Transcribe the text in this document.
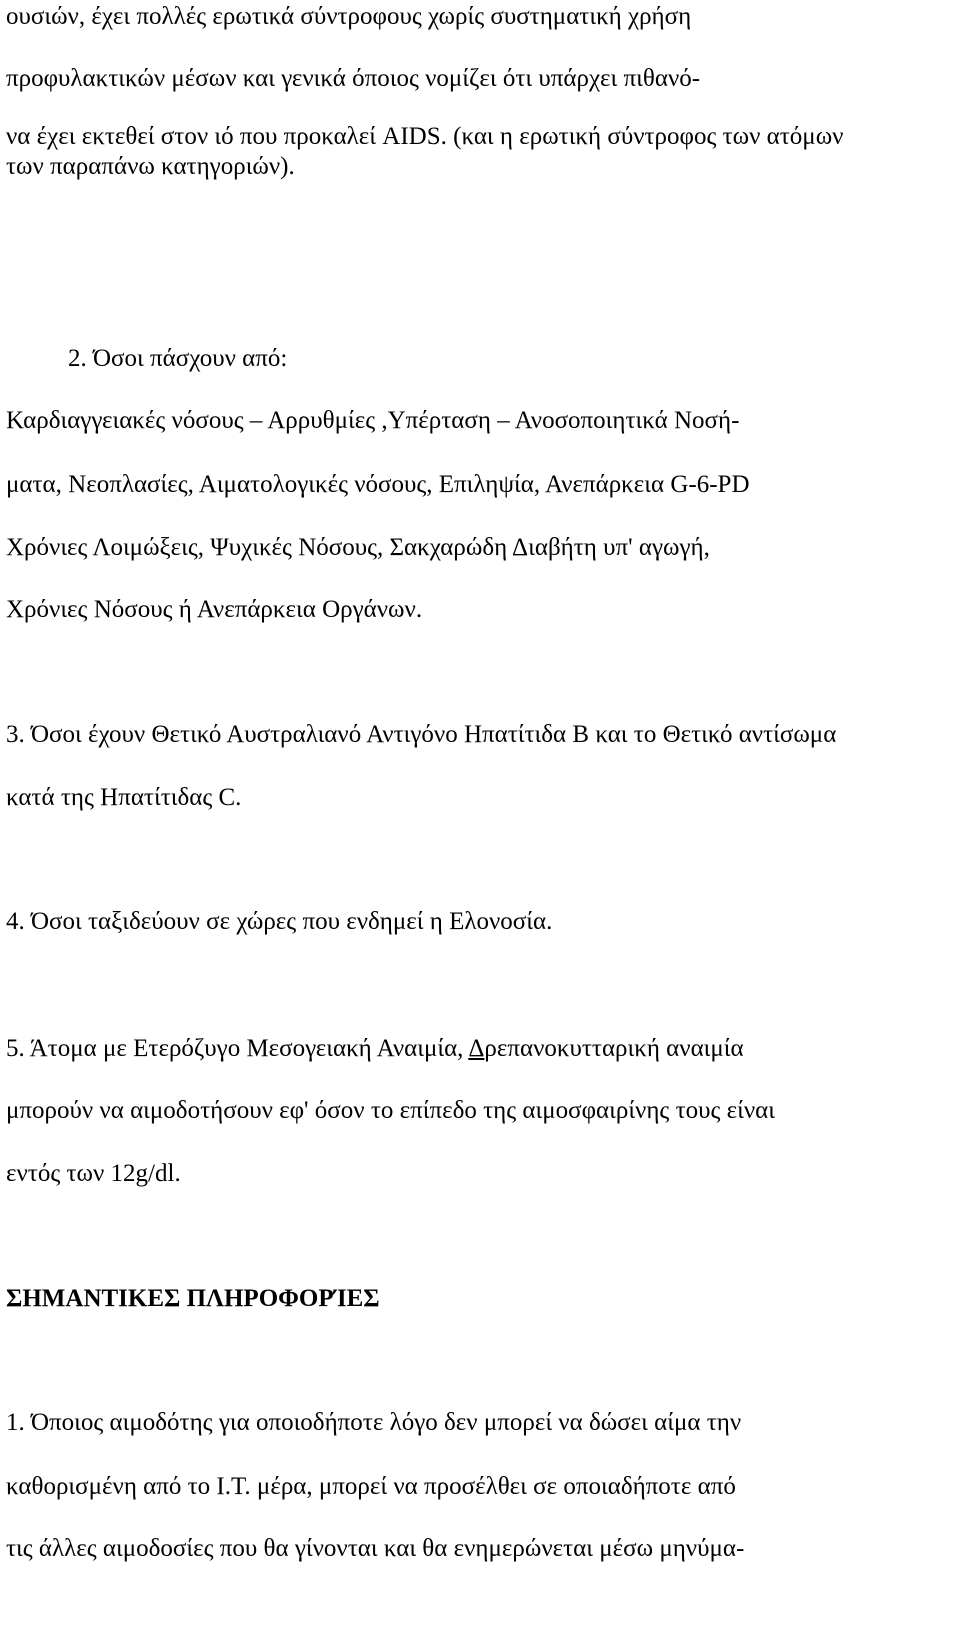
ουσιών, έχει πολλές ερωτικά σύντροφους χωρίς συστηματική χρήση

προφυλακτικών μέσων και γενικά όποιος νομίζει ότι υπάρχει πιθανό-

να έχει εκτεθεί στον ιό που προκαλεί AIDS. (και η ερωτική σύντροφος των ατόμων

των παραπάνω κατηγοριών).

2. Όσοι πάσχουν από:

Καρδιαγγειακές νόσους – Αρρυθμίες ,Υπέρταση – Ανοσοποιητικά Νοσή-

ματα, Νεοπλασίες, Αιματολογικές νόσους, Επιληψία, Ανεπάρκεια G-6-PD

Χρόνιες Λοιμώξεις, Ψυχικές Νόσους, Σακχαρώδη Διαβήτη υπ' αγωγή,

Χρόνιες Νόσους ή Ανεπάρκεια Οργάνων.

3. Όσοι έχουν Θετικό Αυστραλιανό Αντιγόνο Ηπατίτιδα Β και το Θετικό αντίσωμα

κατά της Ηπατίτιδας C.

4. Όσοι ταξιδεύουν σε χώρες που ενδημεί η Ελονοσία.

5. Άτομα με Ετερόζυγο Μεσογειακή Αναιμία, Δρεπανοκυτταρική αναιμία

μπορούν να αιμοδοτήσουν εφ' όσον το επίπεδο της αιμοσφαιρίνης τους είναι

εντός των 12g/dl.

ΣΗΜΑΝΤΙΚΕΣ ΠΛΗΡΟΦΟΡΊΕΣ

1. Όποιος αιμοδότης για οποιοδήποτε λόγο δεν μπορεί να δώσει αίμα την

καθορισμένη από το Ι.Τ. μέρα, μπορεί να προσέλθει σε οποιαδήποτε από

τις άλλες αιμοδοσίες που θα γίνονται και θα ενημερώνεται μέσω μηνύμα-
